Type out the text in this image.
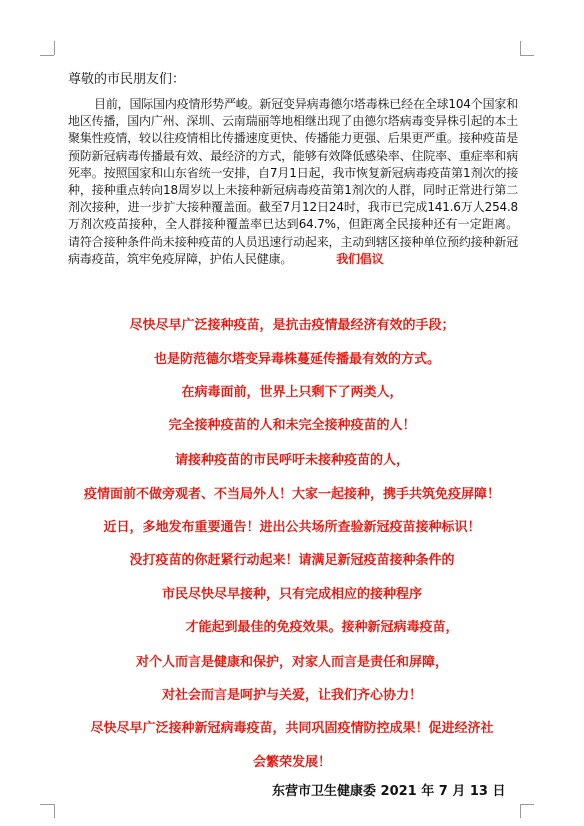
尊敬的市民朋友们：
目前，国际国内疫情形势严峻。新冠变异病毒德尔塔毒株已经在全球104个国家和地区传播，国内广州、深圳、云南瑞丽等地相继出现了由德尔塔病毒变异株引起的本土聚集性疫情，较以往疫情相比传播速度更快、传播能力更强、后果更严重。接种疫苗是预防新冠病毒传播最有效、最经济的方式，能够有效降低感染率、住院率、重症率和病死率。按照国家和山东省统一安排，自7月1日起，我市恢复新冠病毒疫苗第1剂次的接种，接种重点转向18周岁以上未接种新冠病毒疫苗第1剂次的人群，同时正常进行第二剂次接种，进一步扩大接种覆盖面。截至7月12日24时，我市已完成141.6万人254.8万剂次疫苗接种，全人群接种覆盖率已达到64.7%，但距离全民接种还有一定距离。请符合接种条件尚未接种疫苗的人员迅速行动起来，主动到辖区接种单位预约接种新冠病毒疫苗，筑牢免疫屏障，护佑人民健康。	我们倡议
尽快尽早广泛接种疫苗，是抗击疫情最经济有效的手段；
也是防范德尔塔变异毒株蔓延传播最有效的方式。
在病毒面前，世界上只剩下了两类人，
完全接种疫苗的人和未完全接种疫苗的人！
请接种疫苗的市民呼吁未接种疫苗的人，
疫情面前不做旁观者、不当局外人！大家一起接种，携手共筑免疫屏障！
近日，多地发布重要通告！进出公共场所查验新冠疫苗接种标识！
没打疫苗的你赶紧行动起来！请满足新冠疫苗接种条件的
市民尽快尽早接种，只有完成相应的接种程序
才能起到最佳的免疫效果。接种新冠病毒疫苗，
对个人而言是健康和保护，对家人而言是责任和屏障，
对社会而言是呵护与关爱，让我们齐心协力！
尽快尽早广泛接种新冠病毒疫苗，共同巩固疫情防控成果！促进经济社
会繁荣发展！
东营市卫生健康委 2021 年 7 月 13 日
